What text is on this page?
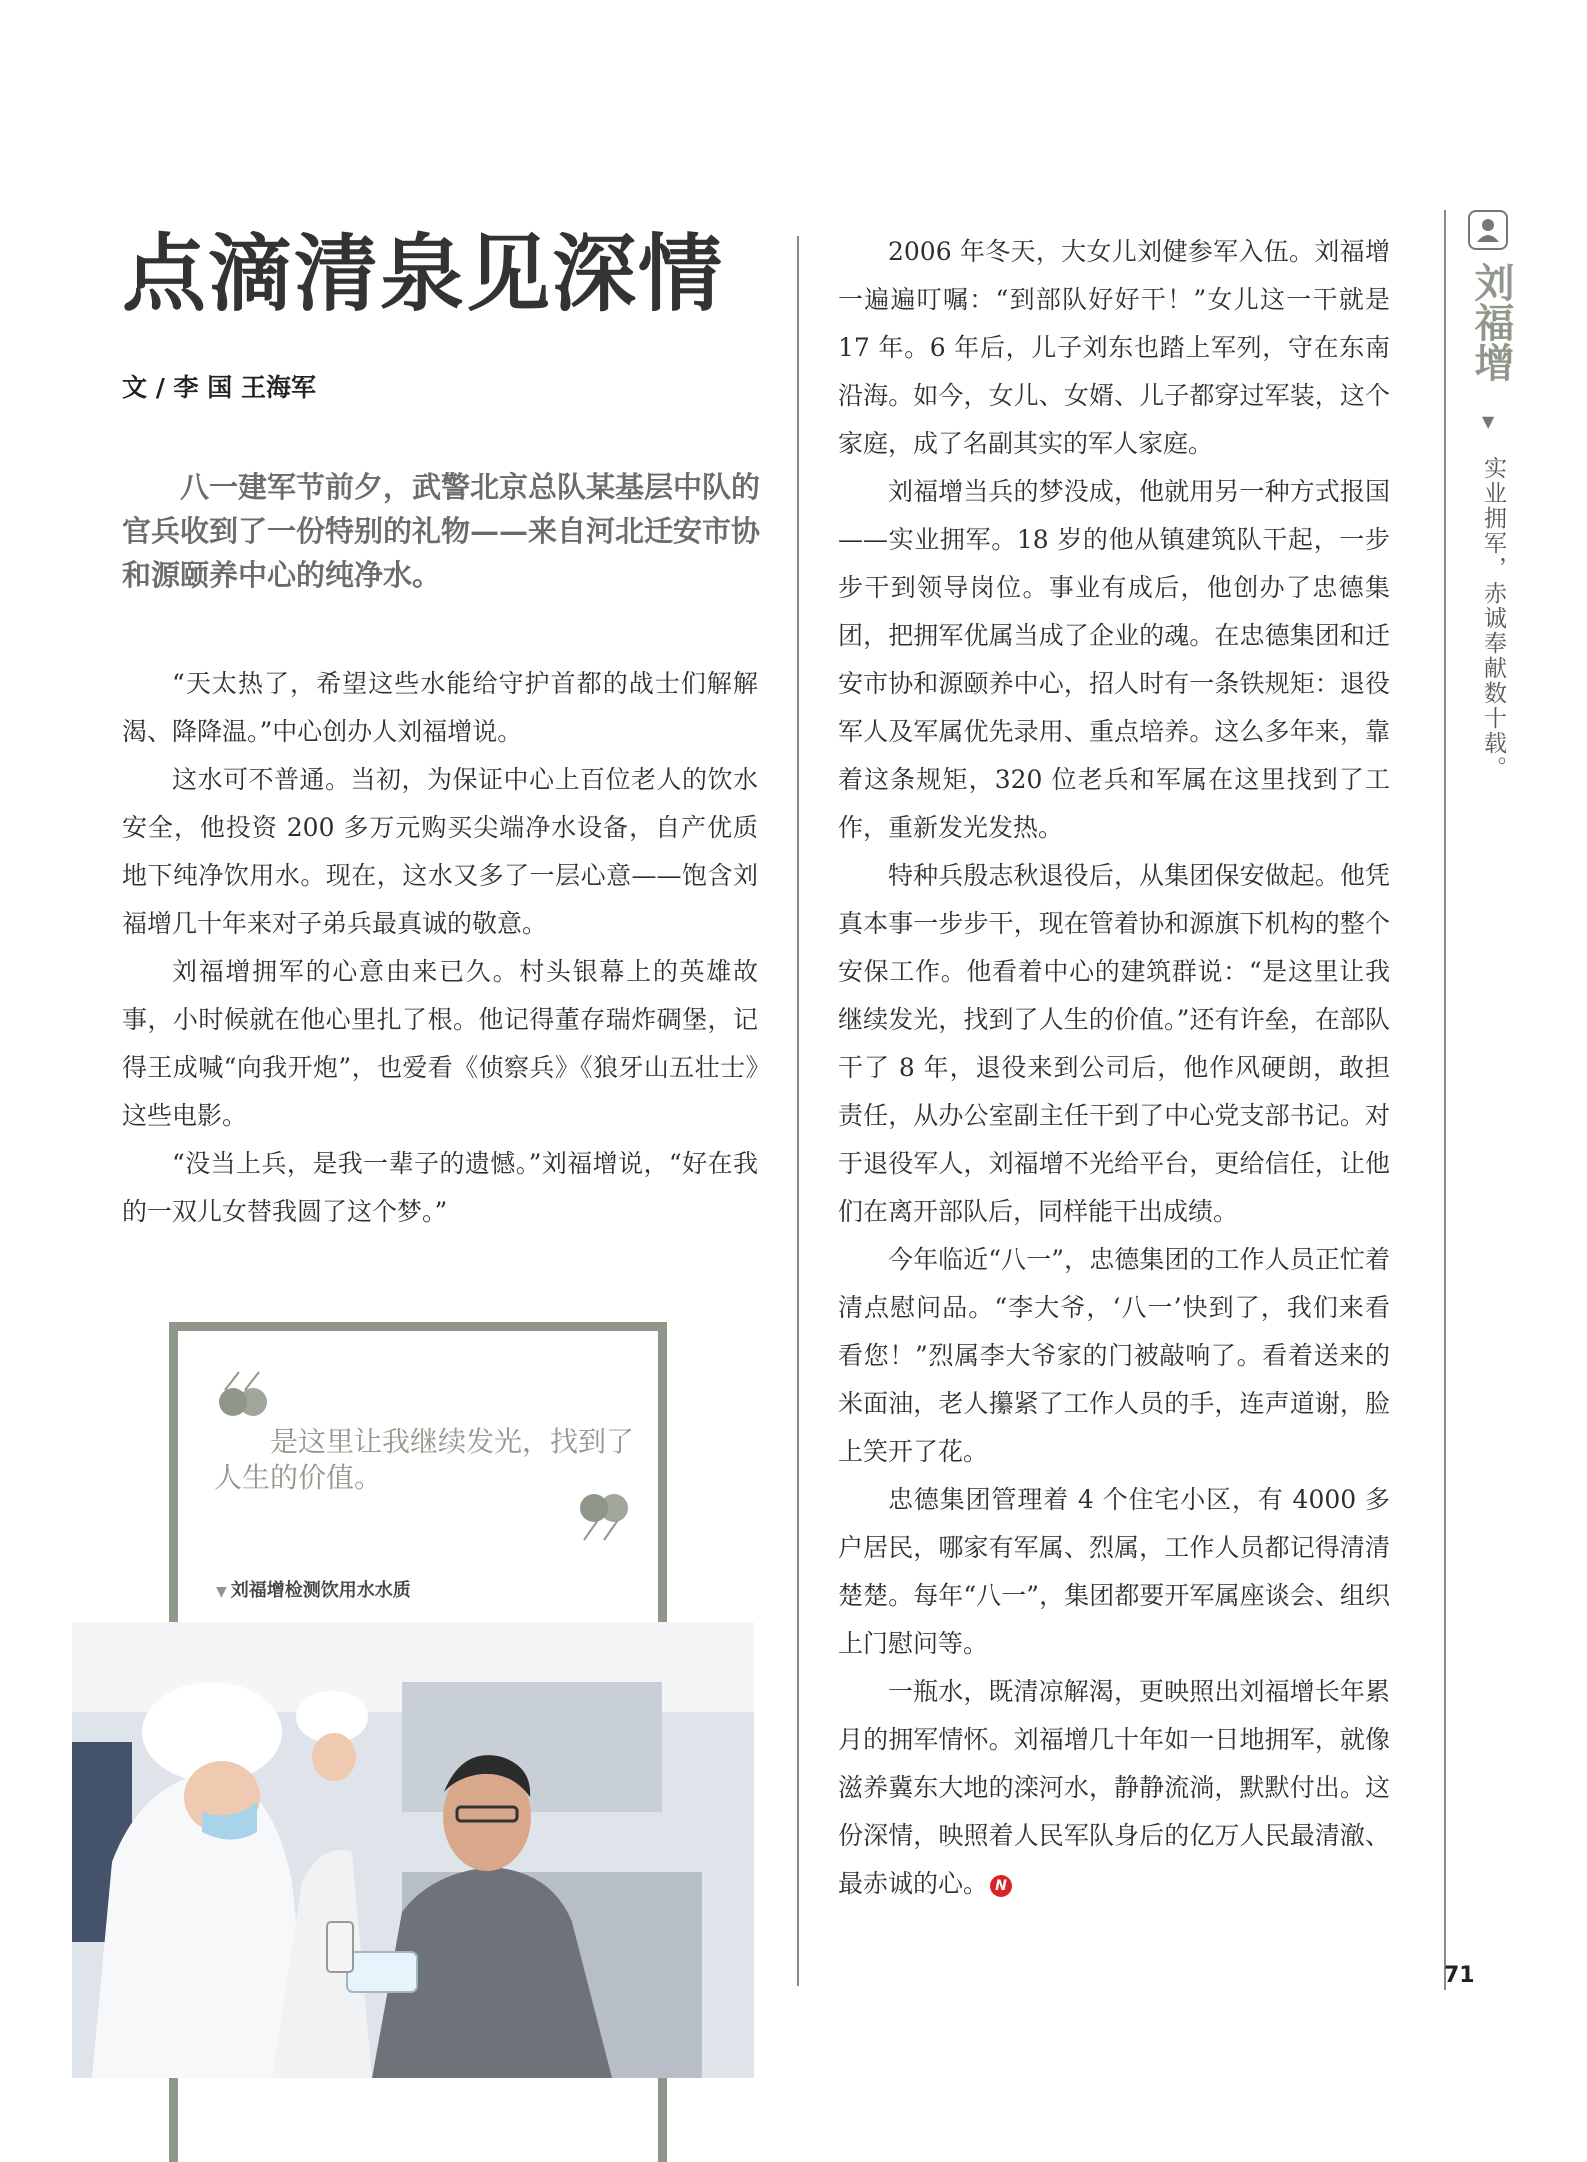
点滴清泉见深情
文 / 李 国 王海军

八一建军节前夕，武警北京总队某基层中队的官兵收到了一份特别的礼物——来自河北迁安市协和源颐养中心的纯净水。

“天太热了，希望这些水能给守护首都的战士们解解渴、降降温。”中心创办人刘福增说。

这水可不普通。当初，为保证中心上百位老人的饮水安全，他投资 200 多万元购买尖端净水设备，自产优质地下纯净饮用水。现在，这水又多了一层心意——饱含刘福增几十年来对子弟兵最真诚的敬意。

刘福增拥军的心意由来已久。村头银幕上的英雄故事，小时候就在他心里扎了根。他记得董存瑞炸碉堡，记得王成喊“向我开炮”，也爱看《侦察兵》《狼牙山五壮士》这些电影。

“没当上兵，是我一辈子的遗憾。”刘福增说，“好在我的一双儿女替我圆了这个梦。”

2006 年冬天，大女儿刘健参军入伍。刘福增一遍遍叮嘱：“到部队好好干！”女儿这一干就是 17 年。6 年后，儿子刘东也踏上军列，守在东南沿海。如今，女儿、女婿、儿子都穿过军装，这个家庭，成了名副其实的军人家庭。

刘福增当兵的梦没成，他就用另一种方式报国——实业拥军。18 岁的他从镇建筑队干起，一步步干到领导岗位。事业有成后，他创办了忠德集团，把拥军优属当成了企业的魂。在忠德集团和迁安市协和源颐养中心，招人时有一条铁规矩：退役军人及军属优先录用、重点培养。这么多年来，靠着这条规矩，320 位老兵和军属在这里找到了工作，重新发光发热。

特种兵殷志秋退役后，从集团保安做起。他凭真本事一步步干，现在管着协和源旗下机构的整个安保工作。他看着中心的建筑群说：“是这里让我继续发光，找到了人生的价值。”还有许垒，在部队干了 8 年，退役来到公司后，他作风硬朗，敢担责任，从办公室副主任干到了中心党支部书记。对于退役军人，刘福增不光给平台，更给信任，让他们在离开部队后，同样能干出成绩。

今年临近“八一”，忠德集团的工作人员正忙着清点慰问品。“李大爷，‘八一’快到了，我们来看看您！”烈属李大爷家的门被敲响了。看着送来的米面油，老人攥紧了工作人员的手，连声道谢，脸上笑开了花。

忠德集团管理着 4 个住宅小区，有 4000 多户居民，哪家有军属、烈属，工作人员都记得清清楚楚。每年“八一”，集团都要开军属座谈会、组织上门慰问等。

一瓶水，既清凉解渴，更映照出刘福增长年累月的拥军情怀。刘福增几十年如一日地拥军，就像滋养冀东大地的滦河水，静静流淌，默默付出。这份深情，映照着人民军队身后的亿万人民最清澈、最赤诚的心。 N

是这里让我继续发光，找到了人生的价值。

▼ 刘福增检测饮用水水质
刘福增
▼
实业拥军，赤诚奉献数十载。
71
